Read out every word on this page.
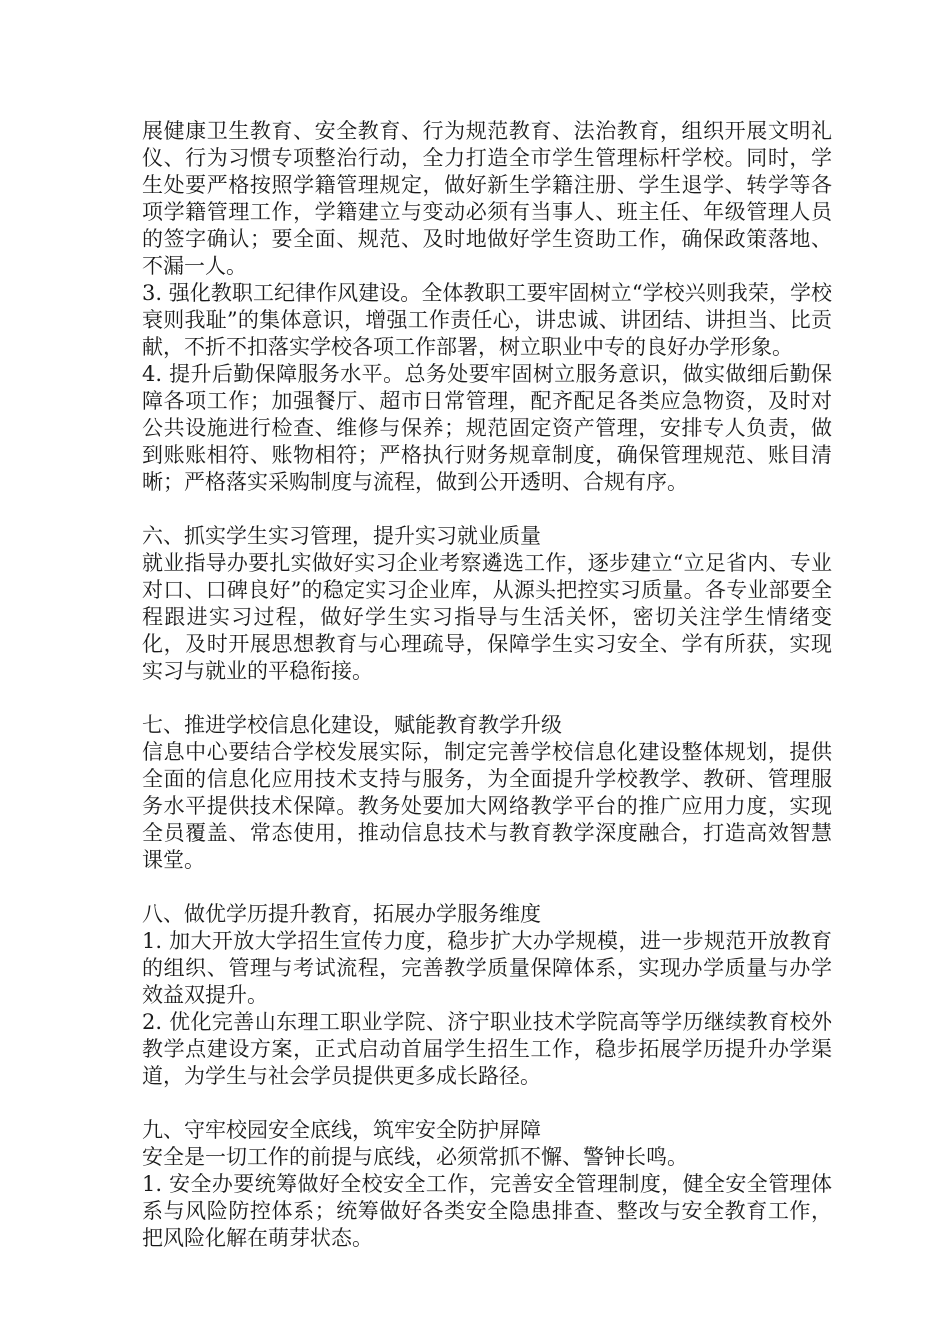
展健康卫生教育、安全教育、行为规范教育、法治教育，组织开展文明礼仪、行为习惯专项整治行动，全力打造全市学生管理标杆学校。同时，学生处要严格按照学籍管理规定，做好新生学籍注册、学生退学、转学等各项学籍管理工作，学籍建立与变动必须有当事人、班主任、年级管理人员的签字确认；要全面、规范、及时地做好学生资助工作，确保政策落地、不漏一人。

3. 强化教职工纪律作风建设。全体教职工要牢固树立“学校兴则我荣，学校衰则我耻”的集体意识，增强工作责任心，讲忠诚、讲团结、讲担当、比贡献，不折不扣落实学校各项工作部署，树立职业中专的良好办学形象。

4. 提升后勤保障服务水平。总务处要牢固树立服务意识，做实做细后勤保障各项工作；加强餐厅、超市日常管理，配齐配足各类应急物资，及时对公共设施进行检查、维修与保养；规范固定资产管理，安排专人负责，做到账账相符、账物相符；严格执行财务规章制度，确保管理规范、账目清晰；严格落实采购制度与流程，做到公开透明、合规有序。

六、抓实学生实习管理，提升实习就业质量

就业指导办要扎实做好实习企业考察遴选工作，逐步建立“立足省内、专业对口、口碑良好”的稳定实习企业库，从源头把控实习质量。各专业部要全程跟进实习过程，做好学生实习指导与生活关怀，密切关注学生情绪变化，及时开展思想教育与心理疏导，保障学生实习安全、学有所获，实现实习与就业的平稳衔接。

七、推进学校信息化建设，赋能教育教学升级

信息中心要结合学校发展实际，制定完善学校信息化建设整体规划，提供全面的信息化应用技术支持与服务，为全面提升学校教学、教研、管理服务水平提供技术保障。教务处要加大网络教学平台的推广应用力度，实现全员覆盖、常态使用，推动信息技术与教育教学深度融合，打造高效智慧课堂。

八、做优学历提升教育，拓展办学服务维度

1. 加大开放大学招生宣传力度，稳步扩大办学规模，进一步规范开放教育的组织、管理与考试流程，完善教学质量保障体系，实现办学质量与办学效益双提升。

2. 优化完善山东理工职业学院、济宁职业技术学院高等学历继续教育校外教学点建设方案，正式启动首届学生招生工作，稳步拓展学历提升办学渠道，为学生与社会学员提供更多成长路径。

九、守牢校园安全底线，筑牢安全防护屏障

安全是一切工作的前提与底线，必须常抓不懈、警钟长鸣。

1. 安全办要统筹做好全校安全工作，完善安全管理制度，健全安全管理体系与风险防控体系；统筹做好各类安全隐患排查、整改与安全教育工作，把风险化解在萌芽状态。
